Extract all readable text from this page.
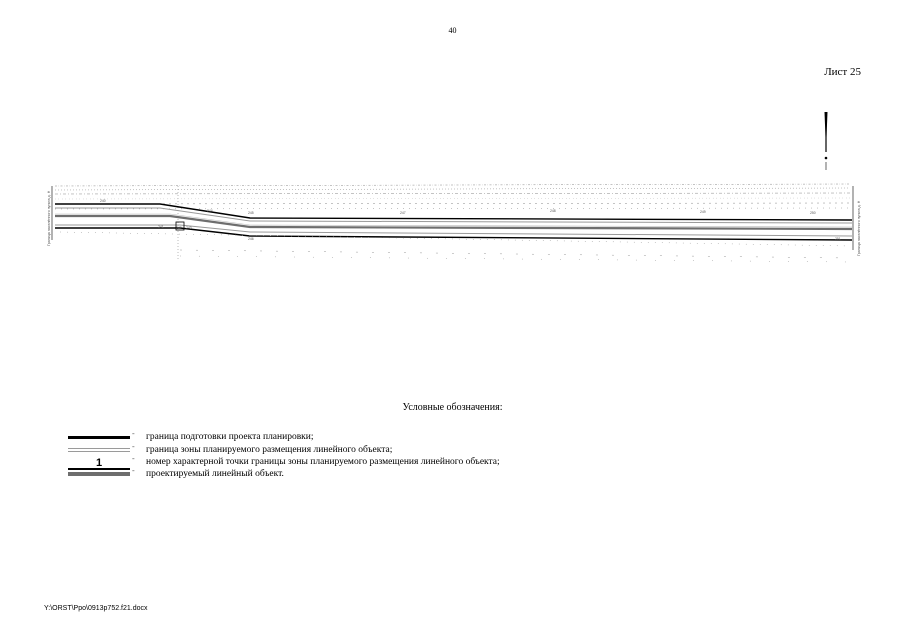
40
Лист 25
Граница населённого пункта д. Н	Граница населённого пункта д. Н
240
241	242 243
244	245
246
247	248	249	250
251
Условные обозначения:
- граница подготовки проекта планировки;
- граница зоны планируемого размещения линейного объекта;
1	- номер характерной точки границы зоны планируемого размещения линейного объекта;
- проектируемый линейный объект.
Y:\ORST\Ppo\0913p752.f21.docx
